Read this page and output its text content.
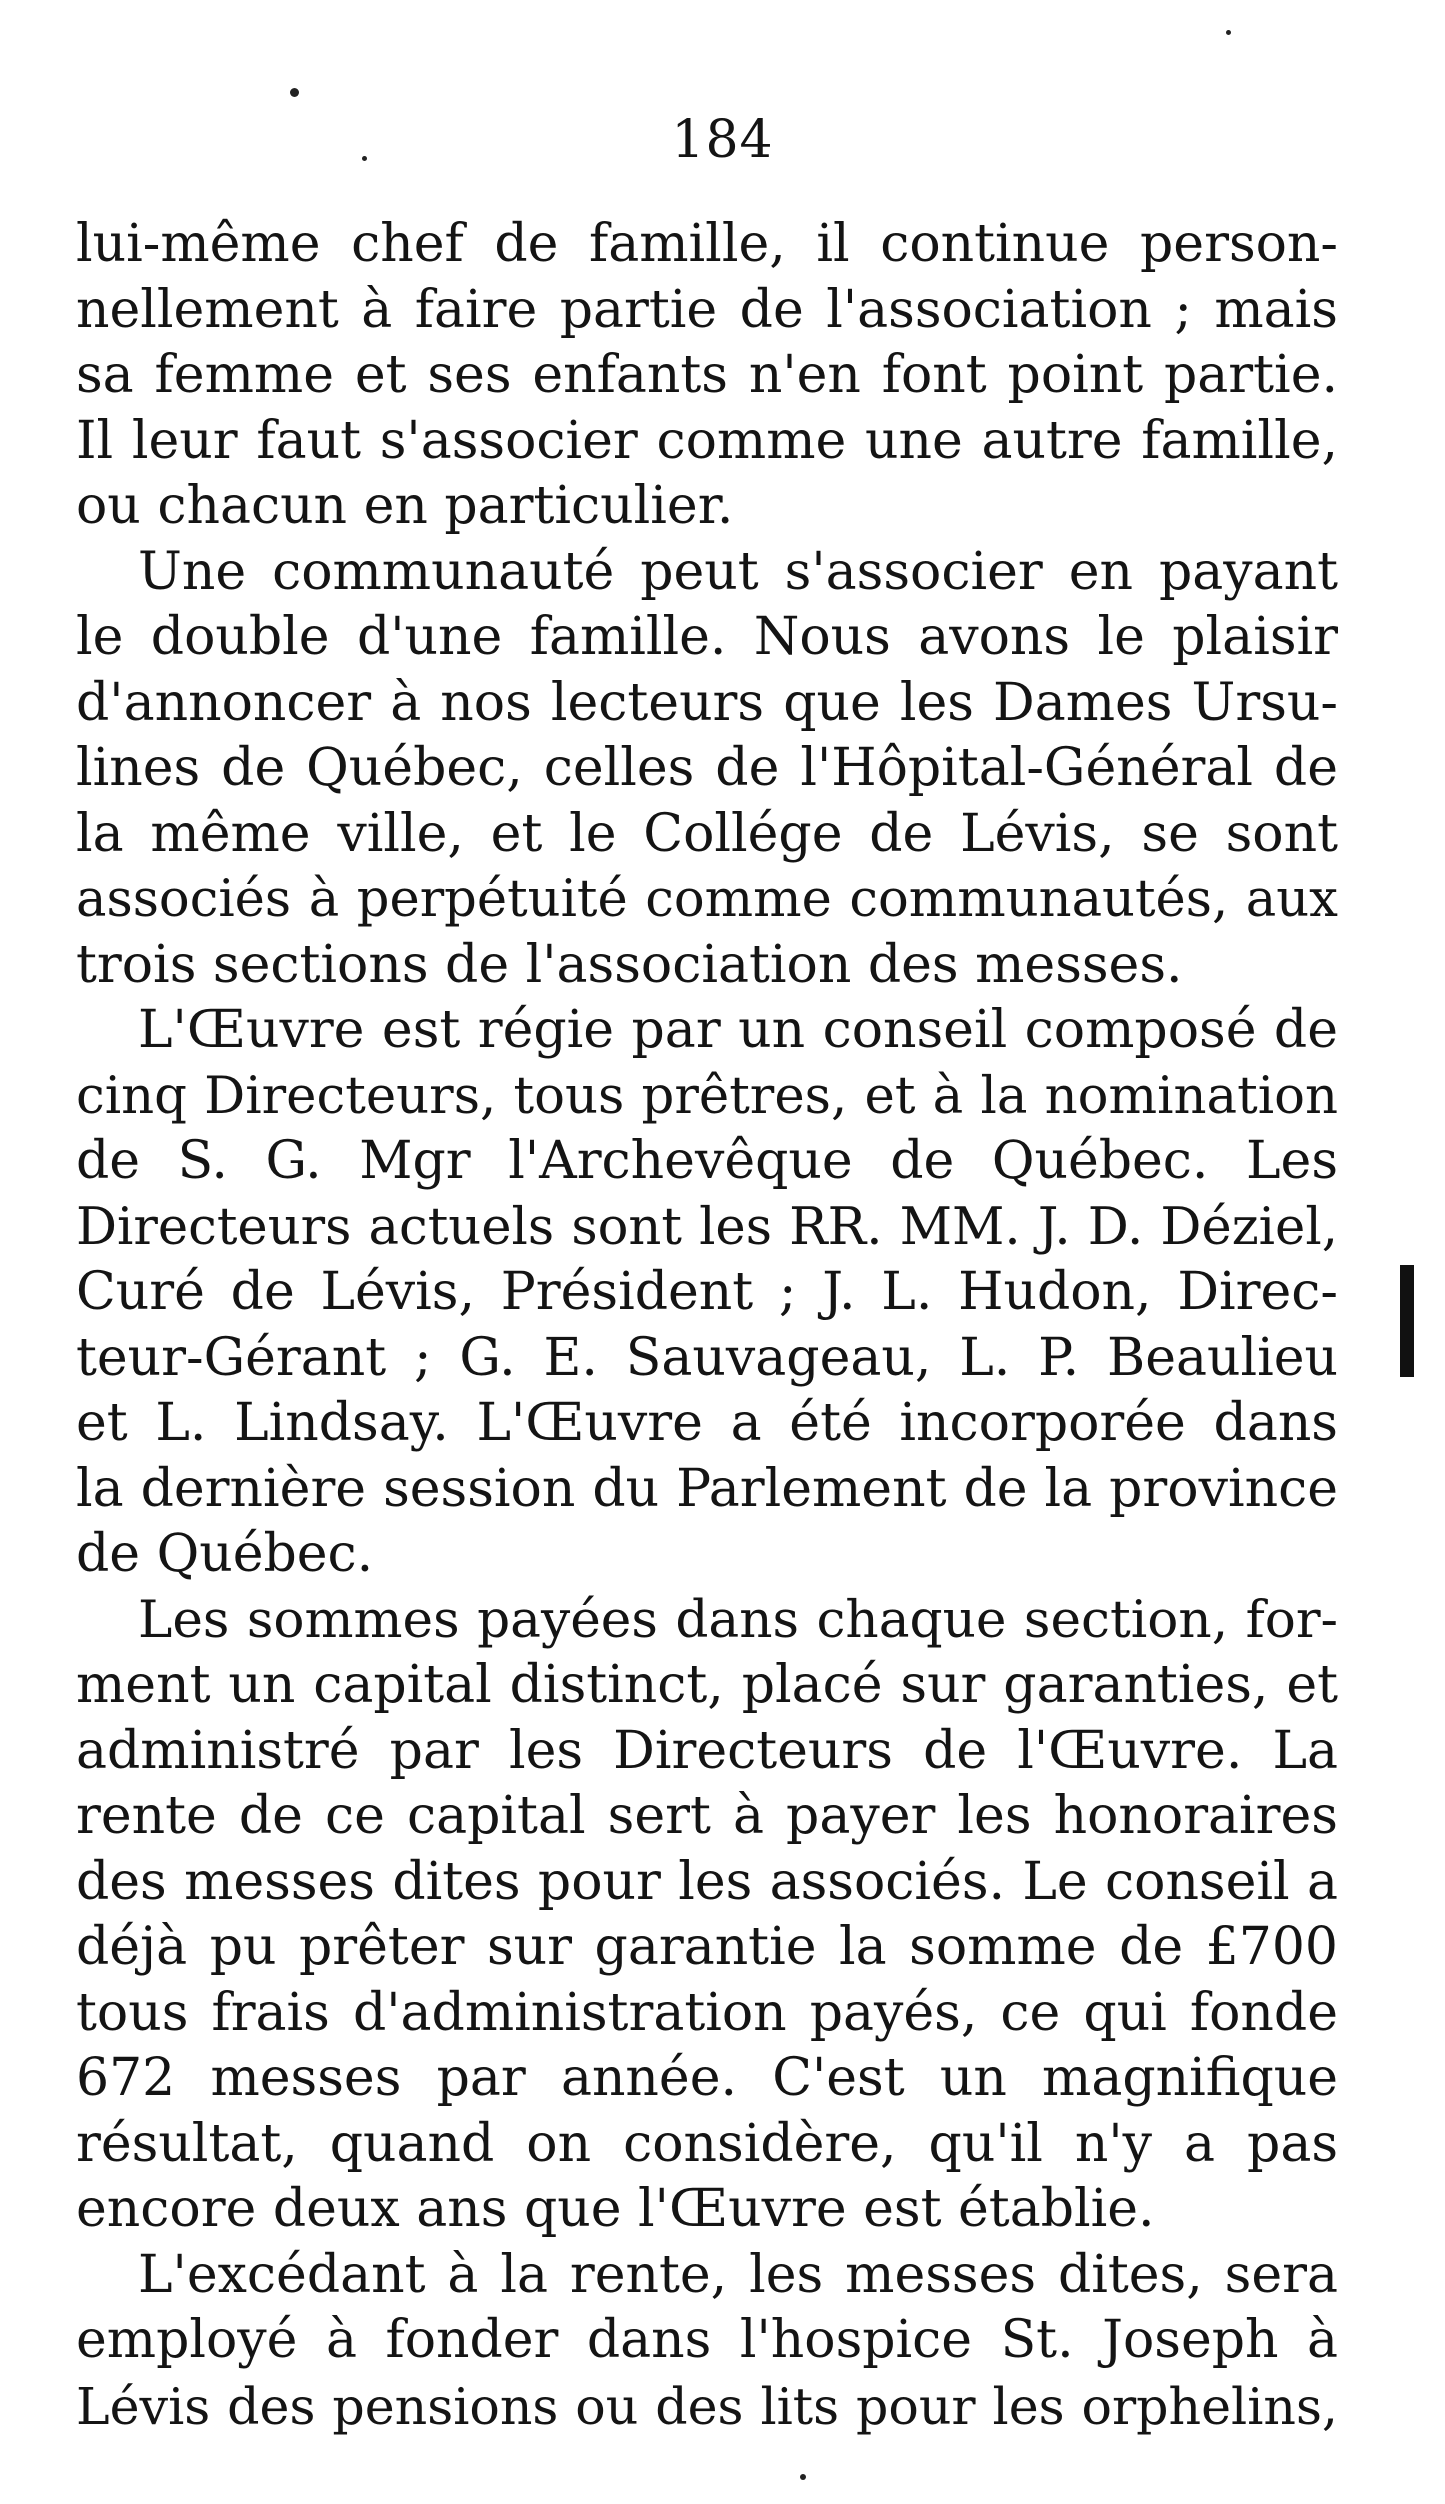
184
lui-même chef de famille, il continue person-
nellement à faire partie de l'association ; mais
sa femme et ses enfants n'en font point partie.
Il leur faut s'associer comme une autre famille,
ou chacun en particulier.
Une communauté peut s'associer en payant
le double d'une famille. Nous avons le plaisir
d'annoncer à nos lecteurs que les Dames Ursu-
lines de Québec, celles de l'Hôpital-Général de
la même ville, et le Collége de Lévis, se sont
associés à perpétuité comme communautés, aux
trois sections de l'association des messes.
L'Œuvre est régie par un conseil composé de
cinq Directeurs, tous prêtres, et à la nomination
de S. G. Mgr l'Archevêque de Québec. Les
Directeurs actuels sont les RR. MM. J. D. Déziel,
Curé de Lévis, Président ; J. L. Hudon, Direc-
teur-Gérant ; G. E. Sauvageau, L. P. Beaulieu
et L. Lindsay. L'Œuvre a été incorporée dans
la dernière session du Parlement de la province
de Québec.
Les sommes payées dans chaque section, for-
ment un capital distinct, placé sur garanties, et
administré par les Directeurs de l'Œuvre. La
rente de ce capital sert à payer les honoraires
des messes dites pour les associés. Le conseil a
déjà pu prêter sur garantie la somme de £700
tous frais d'administration payés, ce qui fonde
672 messes par année. C'est un magnifique
résultat, quand on considère, qu'il n'y a pas
encore deux ans que l'Œuvre est établie.
L'excédant à la rente, les messes dites, sera
employé à fonder dans l'hospice St. Joseph à
Lévis des pensions ou des lits pour les orphelins,
